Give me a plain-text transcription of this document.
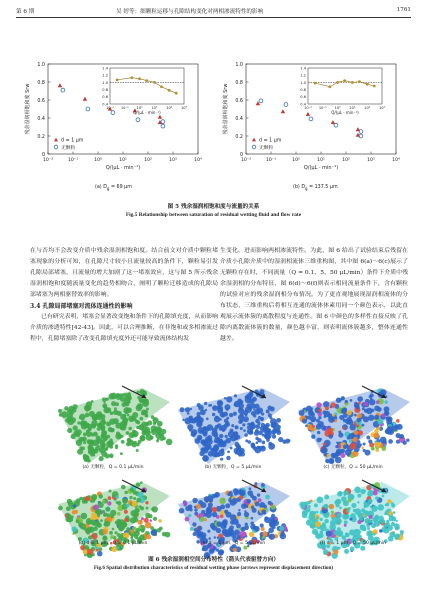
第 6 期	吴 婷等：细颗粒运移与孔隙结构变化对两相渗流特性的影响	1761
0
0.2
0.4
0.6
0.8
1.0
10⁻²	10⁻¹	10⁰	10¹	10²	10³	10⁴
Q/(μL · min⁻¹)
残余湿润相饱和度 Srw
d = 1 μm
无颗粒
0.4
0.6
0.8
1.0
1.2
1.4
10⁻² 10⁻¹ 10⁰ 10¹ 10² 10³
Q/(μL · min⁻¹)
0
0.2
0.4
0.6
0.8
1.0
10⁻²	10⁻¹	10⁰	10¹	10²	10³	10⁴
Q/(μL · min⁻¹)
残余湿润相饱和度 Srw
d = 1 μm
无颗粒
0.4
0.6
0.8
1.0
1.2
1.4
10⁻² 10⁻¹ 10⁰ 10¹ 10² 10³
Q/(μL · min⁻¹)
(a) $D_g = 69$ μm	(b) $D_g = 137.5$ μm
图 5 残余湿润相饱和度与流量的关系
Fig.5 Relationship between saturation of residual wetting fluid and flow rate

在与否均不会改变介质中残余湿润相饱和度。结合前文对介质中颗粒堵塞现象的分析可知，在孔隙尺寸较小且流量较高的条件下，颗粒易引发孔隙局部堵塞，且流量的增大加剧了这一堵塞效应，这与图 5 所示残余湿润相饱和度随流量变化的趋势相吻合，阐明了颗粒迁移造成的孔隙局部堵塞为两相驱替效率的影响。

3.4 孔隙局部堵塞对流体连通性的影响

已有研究表明，堵塞会显著改变饱和条件下的孔隙填充度，从而影响介质的渗透特性[42-43]。因此，可以合理推断，在非饱和或多相渗流过程中，孔隙堵塞除了改变孔隙填充度外还可能导致流体结构发

生变化，进而影响两相渗流特性。为此，图 6 给出了试验结束后残留在介质小孔隙介质中的湿润相流体三维重构图，其中图 6(a)～6(c)展示了无颗粒存在时，不同流量（Q = 0.1、5、50 μL/min）条件下介质中残余湿润相的分布特征，图 6(d)～6(f)则表示相同流量条件下，含有颗粒的试验对应的残余湿润相分布情况。为了更直观地展现湿润相流体的分布状态，三维重构后将相互连通的流体体素用同一个颜色表示，以此直观展示流体簇的离散程度与连通性。图 6 中颜色的多样性直接反映了孔隙内离散流体簇的数量，颜色越丰富，则表明流体簇越多，整体连通性越差。

(a) 无颗粒，Q = 0.1 μL/min	(b) 无颗粒，Q = 5 μL/min	(c) 无颗粒，Q = 50 μL/min
(d) d = 1 μm，Q = 0.1 μL/min	(e) d = 1 μm，Q = 5 μL/min	(f) d = 1 μm，Q = 50 μL/min
图 6 残余湿润相空间分布特性（箭头代表驱替方向）
Fig.6 Spatial distribution characteristics of residual wetting phase (arrows represent displacement direction)
